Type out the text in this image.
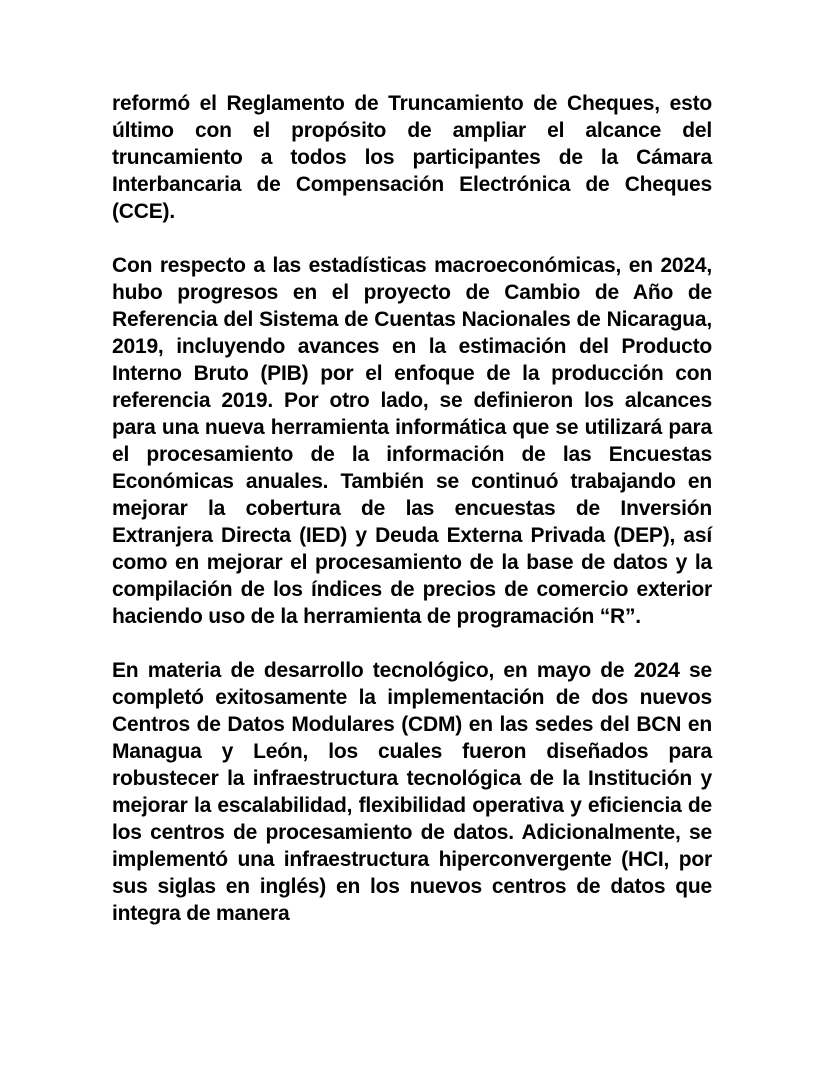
reformó el Reglamento de Truncamiento de Cheques, esto último con el propósito de ampliar el alcance del truncamiento a todos los participantes de la Cámara Interbancaria de Compensación Electrónica de Cheques (CCE).

Con respecto a las estadísticas macroeconómicas, en 2024, hubo progresos en el proyecto de Cambio de Año de Referencia del Sistema de Cuentas Nacionales de Nicaragua, 2019, incluyendo avances en la estimación del Producto Interno Bruto (PIB) por el enfoque de la producción con referencia 2019. Por otro lado, se definieron los alcances para una nueva herramienta informática que se utilizará para el procesamiento de la información de las Encuestas Económicas anuales. También se continuó trabajando en mejorar la cobertura de las encuestas de Inversión Extranjera Directa (IED) y Deuda Externa Privada (DEP), así como en mejorar el procesamiento de la base de datos y la compilación de los índices de precios de comercio exterior haciendo uso de la herramienta de programación “R”.

En materia de desarrollo tecnológico, en mayo de 2024 se completó exitosamente la implementación de dos nuevos Centros de Datos Modulares (CDM) en las sedes del BCN en Managua y León, los cuales fueron diseñados para robustecer la infraestructura tecnológica de la Institución y mejorar la escalabilidad, flexibilidad operativa y eficiencia de los centros de procesamiento de datos. Adicionalmente, se implementó una infraestructura hiperconvergente (HCI, por sus siglas en inglés) en los nuevos centros de datos que integra de manera
